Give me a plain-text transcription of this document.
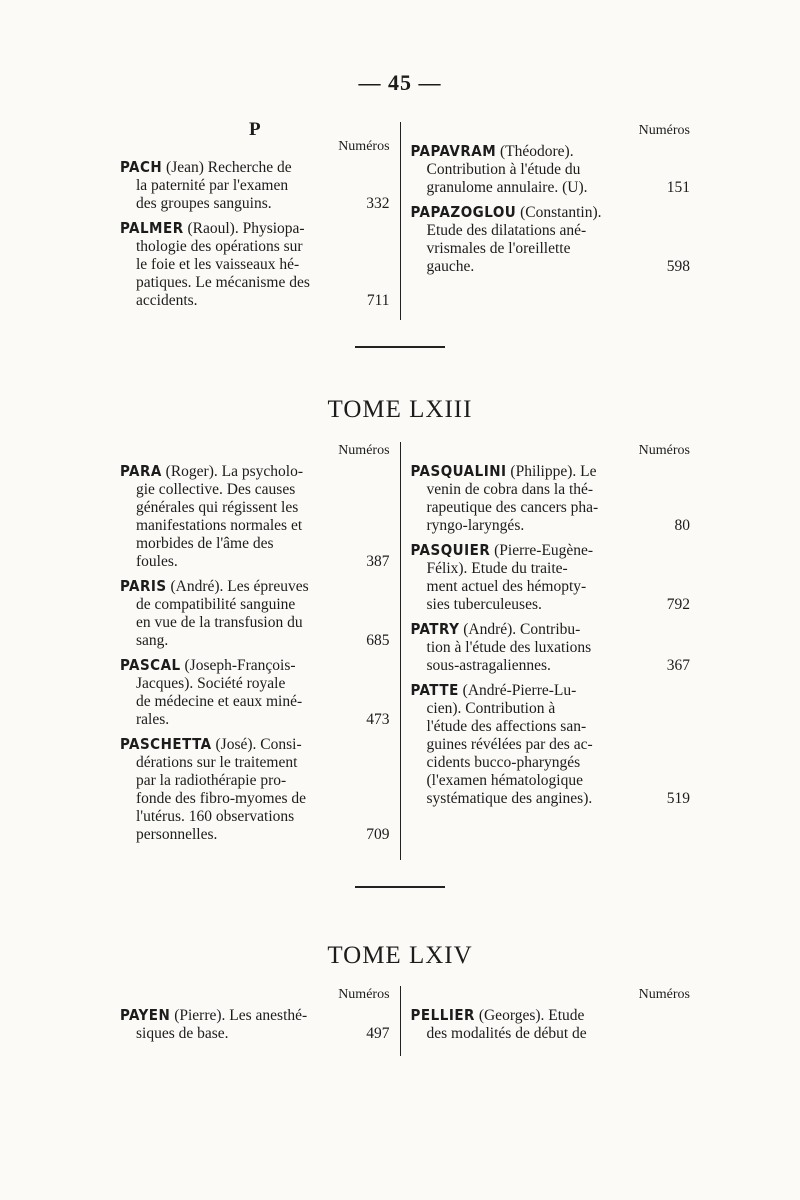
— 45 —
P
Numéros
PACH (Jean) Recherche de
la paternité par l'examen
des groupes sanguins.	332
PALMER (Raoul). Physiopa-
thologie des opérations sur
le foie et les vaisseaux hé-
patiques. Le mécanisme des
accidents.	711
Numéros
PAPAVRAM (Théodore).
Contribution à l'étude du
granulome annulaire. (U).	151
PAPAZOGLOU (Constantin).
Etude des dilatations ané-
vrismales de l'oreillette
gauche.	598
TOME LXIII
Numéros
PARA (Roger). La psycholo-
gie collective. Des causes
générales qui régissent les
manifestations normales et
morbides de l'âme des
foules.	387
PARIS (André). Les épreuves
de compatibilité sanguine
en vue de la transfusion du
sang.	685
PASCAL (Joseph-François-
Jacques). Société royale
de médecine et eaux miné-
rales.	473
PASCHETTA (José). Consi-
dérations sur le traitement
par la radiothérapie pro-
fonde des fibro-myomes de
l'utérus. 160 observations
personnelles.	709
Numéros
PASQUALINI (Philippe). Le
venin de cobra dans la thé-
rapeutique des cancers pha-
ryngo-laryngés.	80
PASQUIER (Pierre-Eugène-
Félix). Etude du traite-
ment actuel des hémopty-
sies tuberculeuses.	792
PATRY (André). Contribu-
tion à l'étude des luxations
sous-astragaliennes.	367
PATTE (André-Pierre-Lu-
cien). Contribution à
l'étude des affections san-
guines révélées par des ac-
cidents bucco-pharyngés
(l'examen hématologique
systématique des angines).	519
TOME LXIV
Numéros
PAYEN (Pierre). Les anesthé-
siques de base.	497
Numéros
PELLIER (Georges). Etude
des modalités de début de
